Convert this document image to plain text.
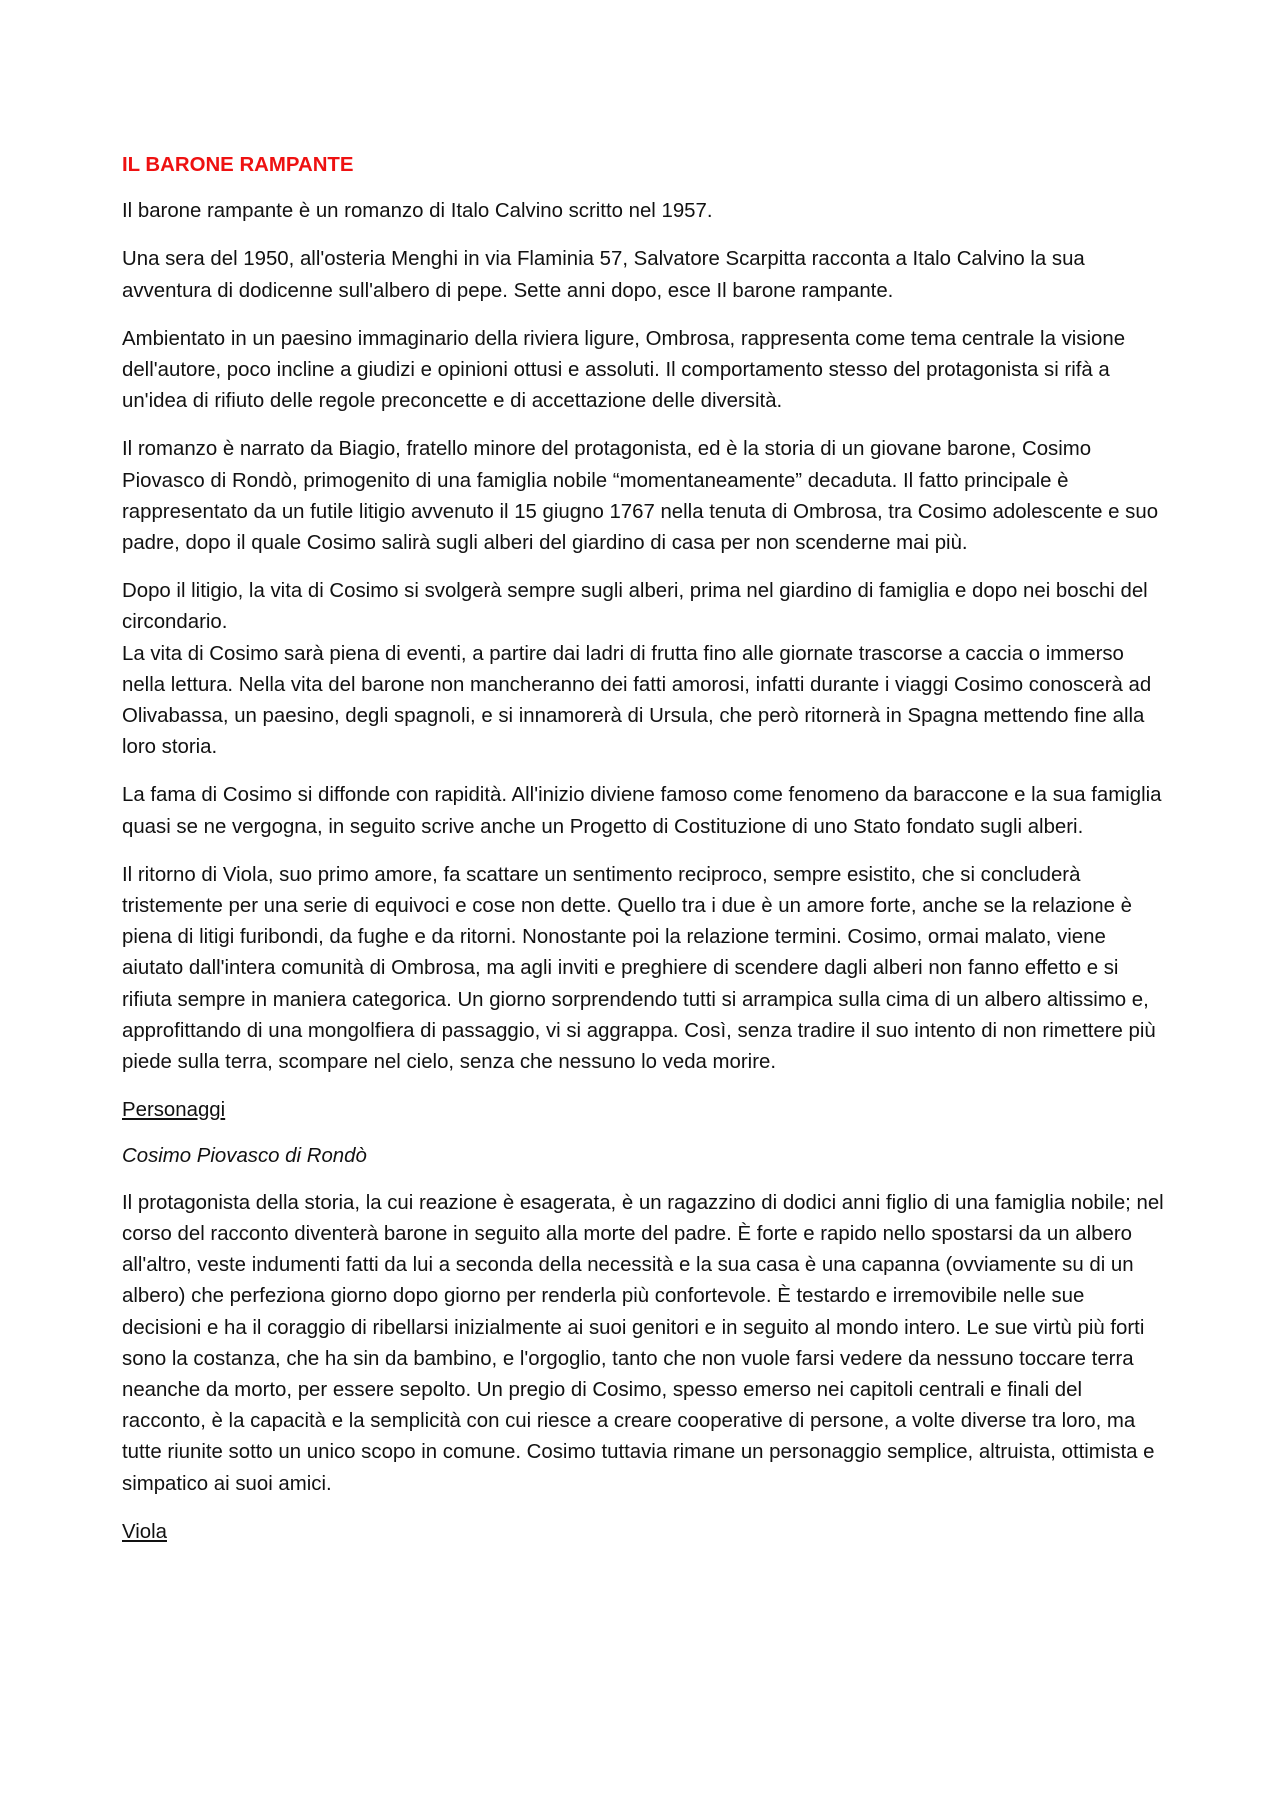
IL BARONE RAMPANTE
Il barone rampante è un romanzo di Italo Calvino scritto nel 1957.
Una sera del 1950, all'osteria Menghi in via Flaminia 57, Salvatore Scarpitta racconta a Italo Calvino la sua avventura di dodicenne sull'albero di pepe. Sette anni dopo, esce Il barone rampante.
Ambientato in un paesino immaginario della riviera ligure, Ombrosa, rappresenta come tema centrale la visione dell'autore, poco incline a giudizi e opinioni ottusi e assoluti. Il comportamento stesso del protagonista si rifà a un'idea di rifiuto delle regole preconcette e di accettazione delle diversità.
Il romanzo è narrato da Biagio, fratello minore del protagonista, ed è la storia di un giovane barone, Cosimo Piovasco di Rondò, primogenito di una famiglia nobile “momentaneamente” decaduta. Il fatto principale è rappresentato da un futile litigio avvenuto il 15 giugno 1767 nella tenuta di Ombrosa, tra Cosimo adolescente e suo padre, dopo il quale Cosimo salirà sugli alberi del giardino di casa per non scenderne mai più.
Dopo il litigio, la vita di Cosimo si svolgerà sempre sugli alberi, prima nel giardino di famiglia e dopo nei boschi del circondario.
La vita di Cosimo sarà piena di eventi, a partire dai ladri di frutta fino alle giornate trascorse a caccia o immerso nella lettura. Nella vita del barone non mancheranno dei fatti amorosi, infatti durante i viaggi Cosimo conoscerà ad Olivabassa, un paesino, degli spagnoli, e si innamorerà di Ursula, che però ritornerà in Spagna mettendo fine alla loro storia.
La fama di Cosimo si diffonde con rapidità. All'inizio diviene famoso come fenomeno da baraccone e la sua famiglia quasi se ne vergogna, in seguito scrive anche un Progetto di Costituzione di uno Stato fondato sugli alberi.
Il ritorno di Viola, suo primo amore, fa scattare un sentimento reciproco, sempre esistito, che si concluderà tristemente per una serie di equivoci e cose non dette. Quello tra i due è un amore forte, anche se la relazione è piena di litigi furibondi, da fughe e da ritorni. Nonostante poi la relazione termini. Cosimo, ormai malato, viene aiutato dall'intera comunità di Ombrosa, ma agli inviti e preghiere di scendere dagli alberi non fanno effetto e si rifiuta sempre in maniera categorica. Un giorno sorprendendo tutti si arrampica sulla cima di un albero altissimo e, approfittando di una mongolfiera di passaggio, vi si aggrappa. Così, senza tradire il suo intento di non rimettere più piede sulla terra, scompare nel cielo, senza che nessuno lo veda morire.
Personaggi
Cosimo Piovasco di Rondò
Il protagonista della storia, la cui reazione è esagerata, è un ragazzino di dodici anni figlio di una famiglia nobile; nel corso del racconto diventerà barone in seguito alla morte del padre. È forte e rapido nello spostarsi da un albero all'altro, veste indumenti fatti da lui a seconda della necessità e la sua casa è una capanna (ovviamente su di un albero) che perfeziona giorno dopo giorno per renderla più confortevole. È testardo e irremovibile nelle sue decisioni e ha il coraggio di ribellarsi inizialmente ai suoi genitori e in seguito al mondo intero. Le sue virtù più forti sono la costanza, che ha sin da bambino, e l'orgoglio, tanto che non vuole farsi vedere da nessuno toccare terra neanche da morto, per essere sepolto. Un pregio di Cosimo, spesso emerso nei capitoli centrali e finali del racconto, è la capacità e la semplicità con cui riesce a creare cooperative di persone, a volte diverse tra loro, ma tutte riunite sotto un unico scopo in comune. Cosimo tuttavia rimane un personaggio semplice, altruista, ottimista e simpatico ai suoi amici.
Viola
